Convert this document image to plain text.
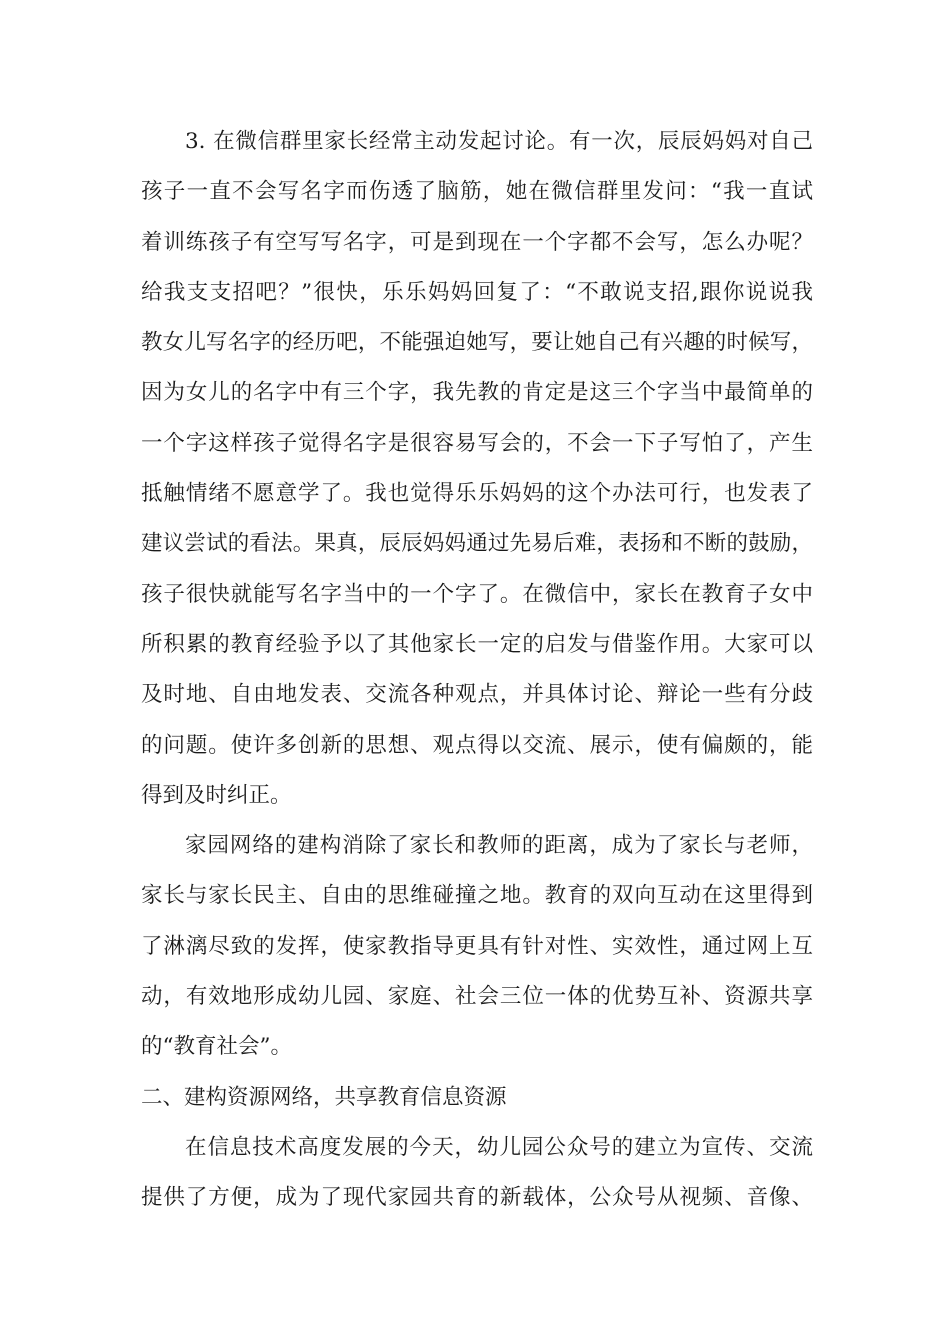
3. 在微信群里家长经常主动发起讨论。有一次，辰辰妈妈对自己
孩子一直不会写名字而伤透了脑筋，她在微信群里发问：“我一直试
着训练孩子有空写写名字，可是到现在一个字都不会写，怎么办呢？
给我支支招吧？”很快，乐乐妈妈回复了：“不敢说支招,跟你说说我
教女儿写名字的经历吧，不能强迫她写，要让她自己有兴趣的时候写，
因为女儿的名字中有三个字，我先教的肯定是这三个字当中最简单的
一个字这样孩子觉得名字是很容易写会的，不会一下子写怕了，产生
抵触情绪不愿意学了。我也觉得乐乐妈妈的这个办法可行，也发表了
建议尝试的看法。果真，辰辰妈妈通过先易后难，表扬和不断的鼓励，
孩子很快就能写名字当中的一个字了。在微信中，家长在教育子女中
所积累的教育经验予以了其他家长一定的启发与借鉴作用。大家可以
及时地、自由地发表、交流各种观点，并具体讨论、辩论一些有分歧
的问题。使许多创新的思想、观点得以交流、展示，使有偏颇的，能
得到及时纠正。
家园网络的建构消除了家长和教师的距离，成为了家长与老师，
家长与家长民主、自由的思维碰撞之地。教育的双向互动在这里得到
了淋漓尽致的发挥，使家教指导更具有针对性、实效性，通过网上互
动，有效地形成幼儿园、家庭、社会三位一体的优势互补、资源共享
的“教育社会”。
二、建构资源网络，共享教育信息资源
在信息技术高度发展的今天，幼儿园公众号的建立为宣传、交流
提供了方便，成为了现代家园共育的新载体，公众号从视频、音像、
